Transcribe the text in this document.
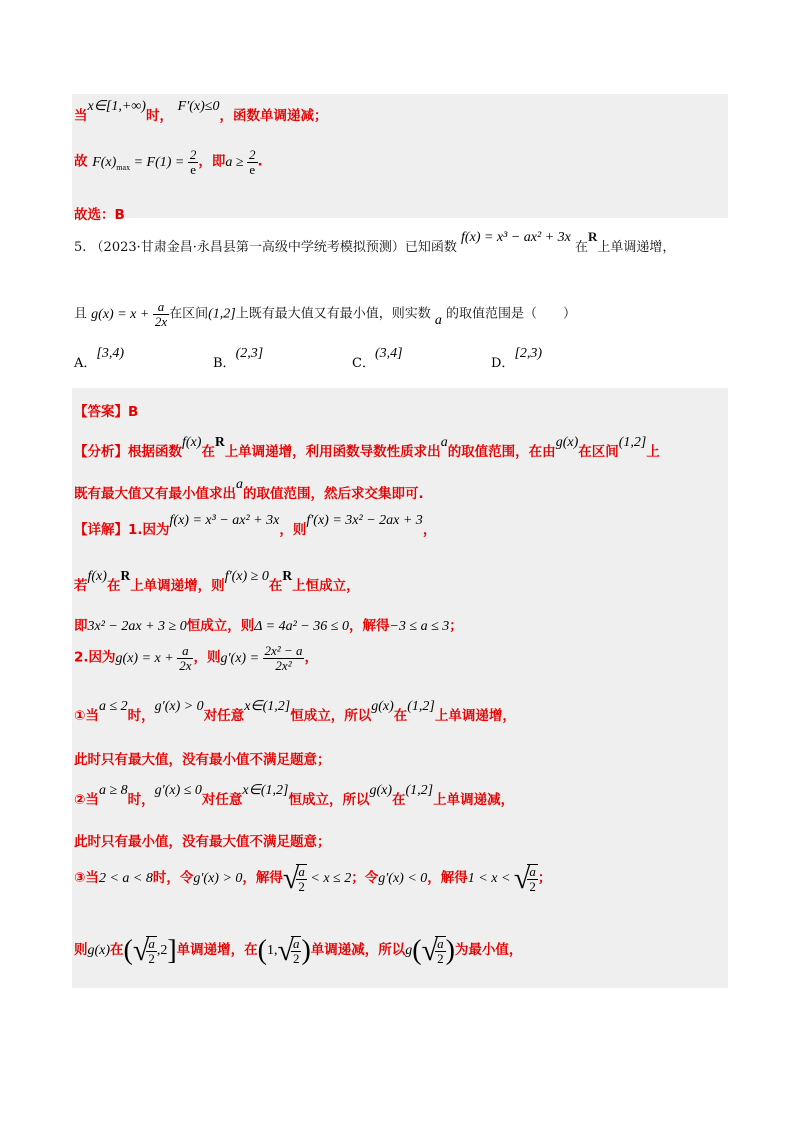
当x∈[1,+∞)时， F′(x)≤0，函数单调递减；
故 $F(x)_{max} = F(1) = \frac{2}{e}$ ，即$a \ge \frac{2}{e}$ .
故选：B
5. （2023·甘肃金昌·永昌县第一高级中学统考模拟预测）已知函数 f(x) = x³ − ax² + 3x 在R上单调递增，
且 $g(x) = x + \frac{a}{2x}$ 在区间(1,2]上既有最大值又有最小值，则实数 a 的取值范围是（　　）
A．[3,4)
B．(2,3]
C．(3,4]
D．[2,3)
【答案】B
【分析】根据函数f(x)在R上单调递增，利用函数导数性质求出a的取值范围，在由g(x)在区间(1,2]上
既有最大值又有最小值求出a的取值范围，然后求交集即可.
【详解】1.因为f(x) = x³ − ax² + 3x，则f′(x) = 3x² − 2ax + 3，
若f(x)在R上单调递增，则f′(x) ≥ 0在R上恒成立，
即3x² − 2ax + 3 ≥ 0恒成立，则Δ = 4a² − 36 ≤ 0，解得−3 ≤ a ≤ 3；
2.因为$g(x) = x + \frac{a}{2x}$ ，则$g'(x) = \frac{\text{2x² − a}}{\text{2x²}}$ ，
①当a ≤ 2时，g′(x) > 0对任意x∈(1,2]恒成立，所以g(x)在(1,2]上单调递增，
此时只有最大值，没有最小值不满足题意；
②当a ≥ 8时，g′(x) ≤ 0对任意x∈(1,2]恒成立，所以g(x)在(1,2]上单调递减，
此时只有最小值，没有最大值不满足题意；
③当2 < a < 8时，令g′(x) > 0，解得√
$\frac{a}{2} < x \le 2$；令g′(x) < 0，解得1 < x < √
$\frac{a}{2}$ ；
则g(x)在(√
$\frac{a}{2} ,2$]单调递增，在(1,√
$\frac{a}{2}$ )单调递减，所以g(√
$\frac{a}{2}$ )为最小值，
